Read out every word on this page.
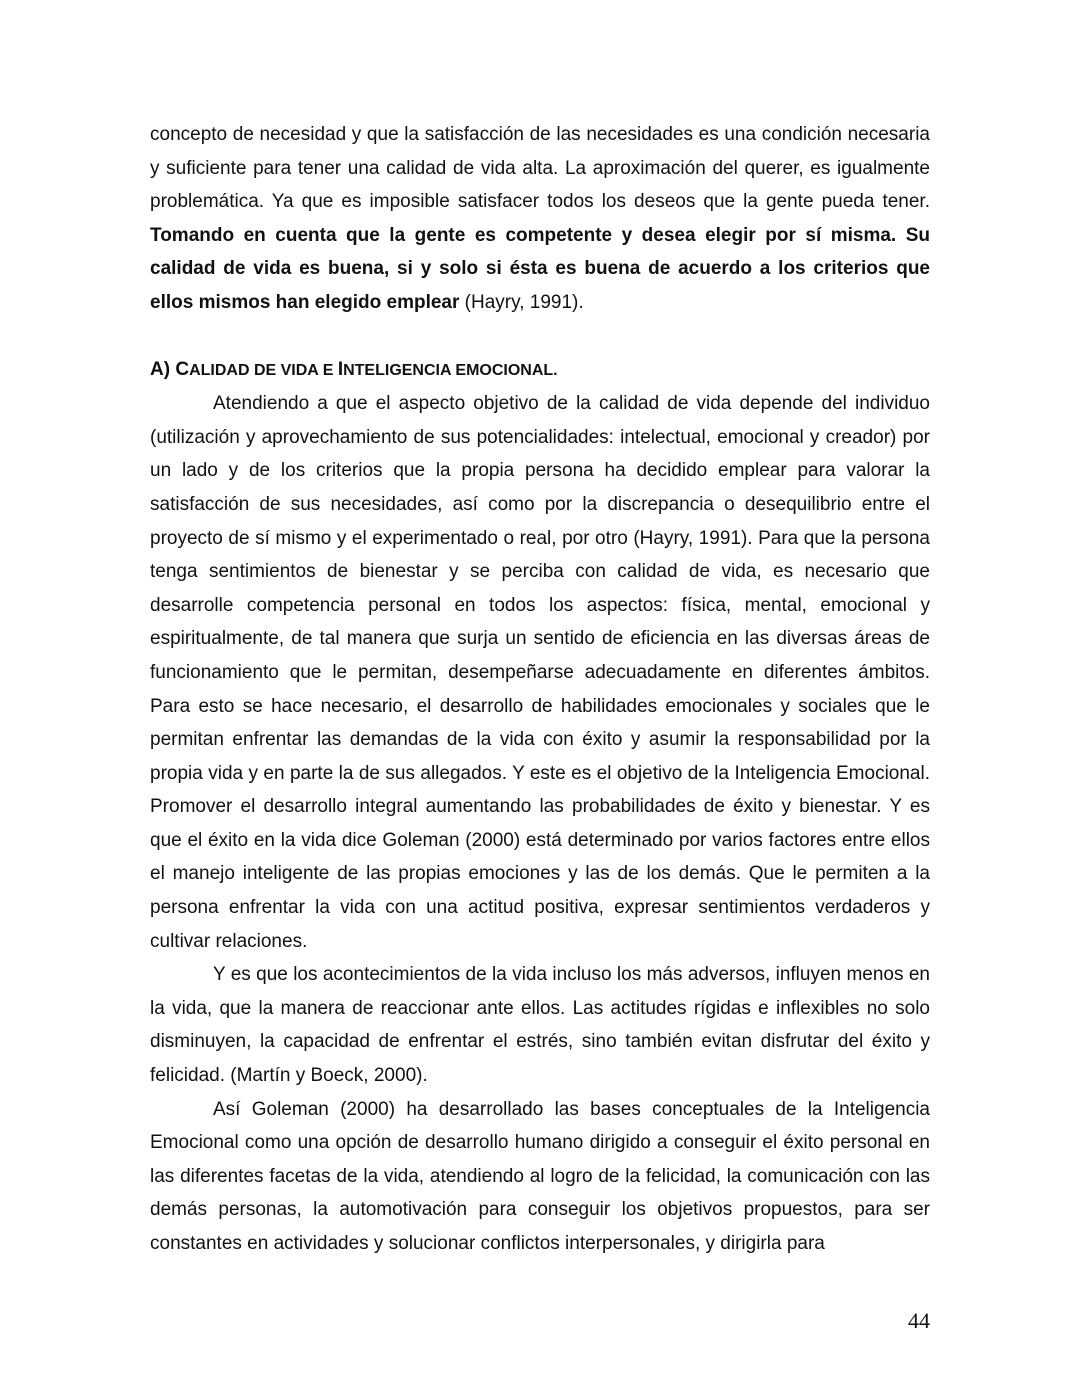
concepto de necesidad y que la satisfacción de las necesidades es una condición necesaria y suficiente para tener una calidad de vida alta. La aproximación del querer, es igualmente problemática. Ya que es imposible satisfacer todos los deseos que la gente pueda tener. Tomando en cuenta que la gente es competente y desea elegir por sí misma. Su calidad de vida es buena, si y solo si ésta es buena de acuerdo a los criterios que ellos mismos han elegido emplear (Hayry, 1991).

A) CALIDAD DE VIDA E INTELIGENCIA EMOCIONAL.

Atendiendo a que el aspecto objetivo de la calidad de vida depende del individuo (utilización y aprovechamiento de sus potencialidades: intelectual, emocional y creador) por un lado y de los criterios que la propia persona ha decidido emplear para valorar la satisfacción de sus necesidades, así como por la discrepancia o desequilibrio entre el proyecto de sí mismo y el experimentado o real, por otro (Hayry, 1991). Para que la persona tenga sentimientos de bienestar y se perciba con calidad de vida, es necesario que desarrolle competencia personal en todos los aspectos: física, mental, emocional y espiritualmente, de tal manera que surja un sentido de eficiencia en las diversas áreas de funcionamiento que le permitan, desempeñarse adecuadamente en diferentes ámbitos. Para esto se hace necesario, el desarrollo de habilidades emocionales y sociales que le permitan enfrentar las demandas de la vida con éxito y asumir la responsabilidad por la propia vida y en parte la de sus allegados. Y este es el objetivo de la Inteligencia Emocional. Promover el desarrollo integral aumentando las probabilidades de éxito y bienestar. Y es que el éxito en la vida dice Goleman (2000) está determinado por varios factores entre ellos el manejo inteligente de las propias emociones y las de los demás. Que le permiten a la persona enfrentar la vida con una actitud positiva, expresar sentimientos verdaderos y cultivar relaciones.

Y es que los acontecimientos de la vida incluso los más adversos, influyen menos en la vida, que la manera de reaccionar ante ellos. Las actitudes rígidas e inflexibles no solo disminuyen, la capacidad de enfrentar el estrés, sino también evitan disfrutar del éxito y felicidad. (Martín y Boeck, 2000).

Así Goleman (2000) ha desarrollado las bases conceptuales de la Inteligencia Emocional como una opción de desarrollo humano dirigido a conseguir el éxito personal en las diferentes facetas de la vida, atendiendo al logro de la felicidad, la comunicación con las demás personas, la automotivación para conseguir los objetivos propuestos, para ser constantes en actividades y solucionar conflictos interpersonales, y dirigirla para

44
